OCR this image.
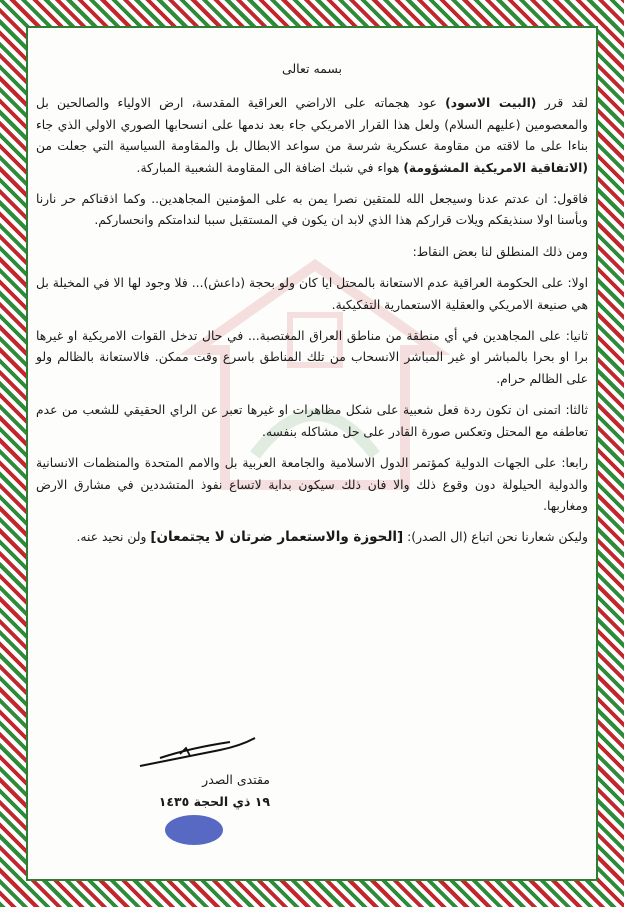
بسمه تعالى

لقد قرر (البيت الاسود) عود هجماته على الاراضي العراقية المقدسة، ارض الاولياء والصالحين بل والمعصومين (عليهم السلام) ولعل هذا القرار الامريكي جاء بعد ندمها على انسحابها الصوري الاولي الذي جاء بناءا على ما لاقته من مقاومة عسكرية شرسة من سواعد الابطال بل والمقاومة السياسية التي جعلت من (الاتفاقية الامريكية المشؤومة) هواء في شبك اضافة الى المقاومة الشعبية المباركة.

فاقول: ان عدتم عدنا وسيجعل الله للمتقين نصرا يمن به على المؤمنين المجاهدين.. وكما اذقناكم حر نارنا وبأسنا اولا سنذيقكم ويلات قراركم هذا الذي لابد ان يكون في المستقبل سببا لندامتكم وانحساركم.

ومن ذلك المنطلق لنا بعض النقاط:

اولا: على الحكومة العراقية عدم الاستعانة بالمحتل ايا كان ولو بحجة (داعش)... فلا وجود لها الا في المخيلة بل هي صنيعة الامريكي والعقلية الاستعمارية التفكيكية.

ثانيا: على المجاهدين في أي منطقة من مناطق العراق المغتصبة... في حال تدخل القوات الامريكية او غيرها برا او بحرا بالمباشر او غير المباشر الانسحاب من تلك المناطق باسرع وقت ممكن. فالاستعانة بالظالم ولو على الظالم حرام.

ثالثا: اتمنى ان تكون ردة فعل شعبية على شكل مظاهرات او غيرها تعبر عن الراي الحقيقي للشعب من عدم تعاطفه مع المحتل وتعكس صورة القادر على حل مشاكله بنفسه.

رابعا: على الجهات الدولية كمؤتمر الدول الاسلامية والجامعة العربية بل والامم المتحدة والمنظمات الانسانية والدولية الحيلولة دون وقوع ذلك والا فان ذلك سيكون بداية لاتساع نفوذ المتشددين في مشارق الارض ومغاربها.

وليكن شعارنا نحن اتباع (ال الصدر): [الحوزة والاستعمار ضرتان لا يجتمعان] ولن نحيد عنه.

مقتدى الصدر
١٩ ذي الحجة ١٤٣٥
